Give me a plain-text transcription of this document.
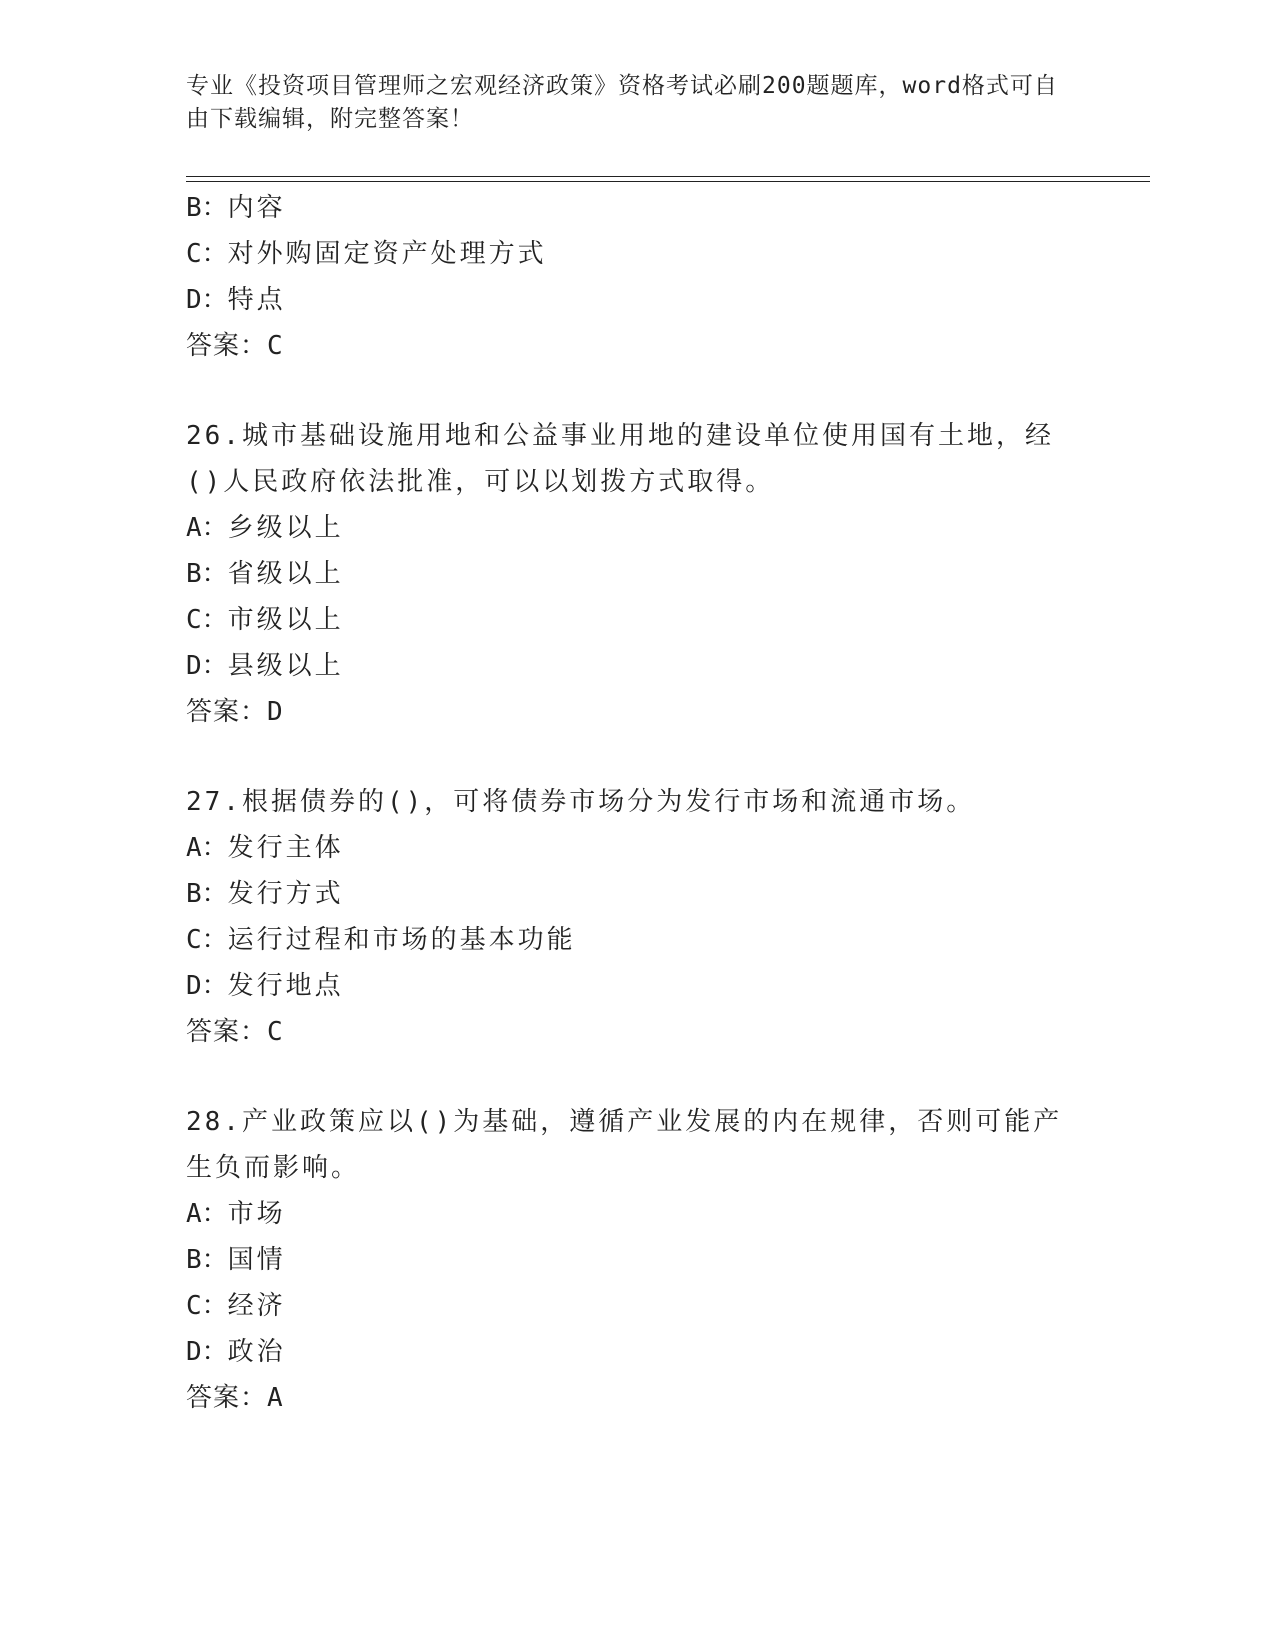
专业《投资项目管理师之宏观经济政策》资格考试必刷200题题库，word格式可自由下载编辑，附完整答案！
B：内容
C：对外购固定资产处理方式
D：特点
答案：C
26.城市基础设施用地和公益事业用地的建设单位使用国有土地，经()人民政府依法批准，可以以划拨方式取得。
A：乡级以上
B：省级以上
C：市级以上
D：县级以上
答案：D
27.根据债券的()，可将债券市场分为发行市场和流通市场。
A：发行主体
B：发行方式
C：运行过程和市场的基本功能
D：发行地点
答案：C
28.产业政策应以()为基础，遵循产业发展的内在规律，否则可能产生负而影响。
A：市场
B：国情
C：经济
D：政治
答案：A
